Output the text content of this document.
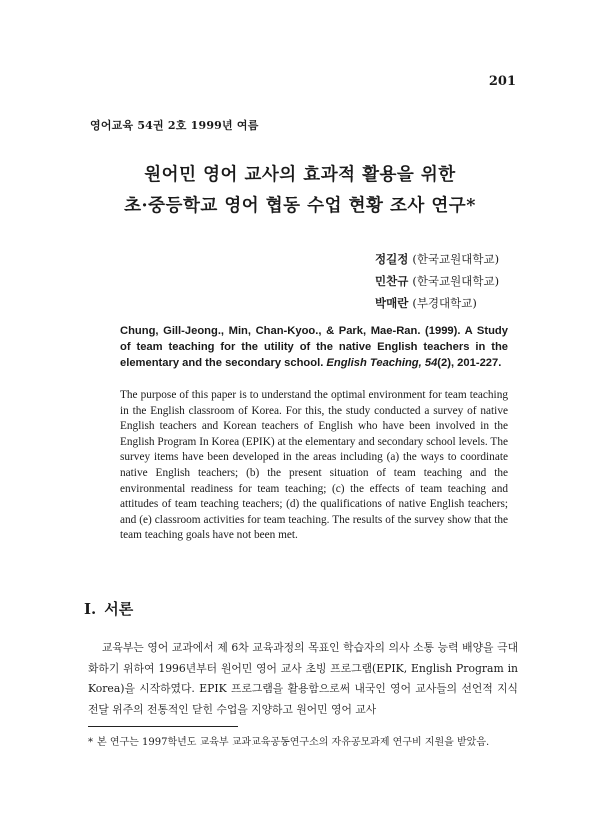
201
영어교육 54권 2호 1999년 여름
원어민 영어 교사의 효과적 활용을 위한
초·중등학교 영어 협동 수업 현황 조사 연구*
정길정 (한국교원대학교)
민찬규 (한국교원대학교)
박매란 (부경대학교)
Chung, Gill-Jeong., Min, Chan-Kyoo., & Park, Mae-Ran. (1999). A Study of team teaching for the utility of the native English teachers in the elementary and the secondary school. English Teaching, 54(2), 201-227.
The purpose of this paper is to understand the optimal environment for team teaching in the English classroom of Korea. For this, the study conducted a survey of native English teachers and Korean teachers of English who have been involved in the English Program In Korea (EPIK) at the elementary and secondary school levels. The survey items have been developed in the areas including (a) the ways to coordinate native English teachers; (b) the present situation of team teaching and the environmental readiness for team teaching; (c) the effects of team teaching and attitudes of team teaching teachers; (d) the qualifications of native English teachers; and (e) classroom activities for team teaching. The results of the survey show that the team teaching goals have not been met.
I. 서론

교육부는 영어 교과에서 제 6차 교육과정의 목표인 학습자의 의사 소통 능력 배양을 극대화하기 위하여 1996년부터 원어민 영어 교사 초빙 프로그램(EPIK, English Program in Korea)을 시작하였다. EPIK 프로그램을 활용함으로써 내국인 영어 교사들의 선언적 지식 전달 위주의 전통적인 닫힌 수업을 지양하고 원어민 영어 교사

* 본 연구는 1997학년도 교육부 교과교육공동연구소의 자유공모과제 연구비 지원을 받았음.
